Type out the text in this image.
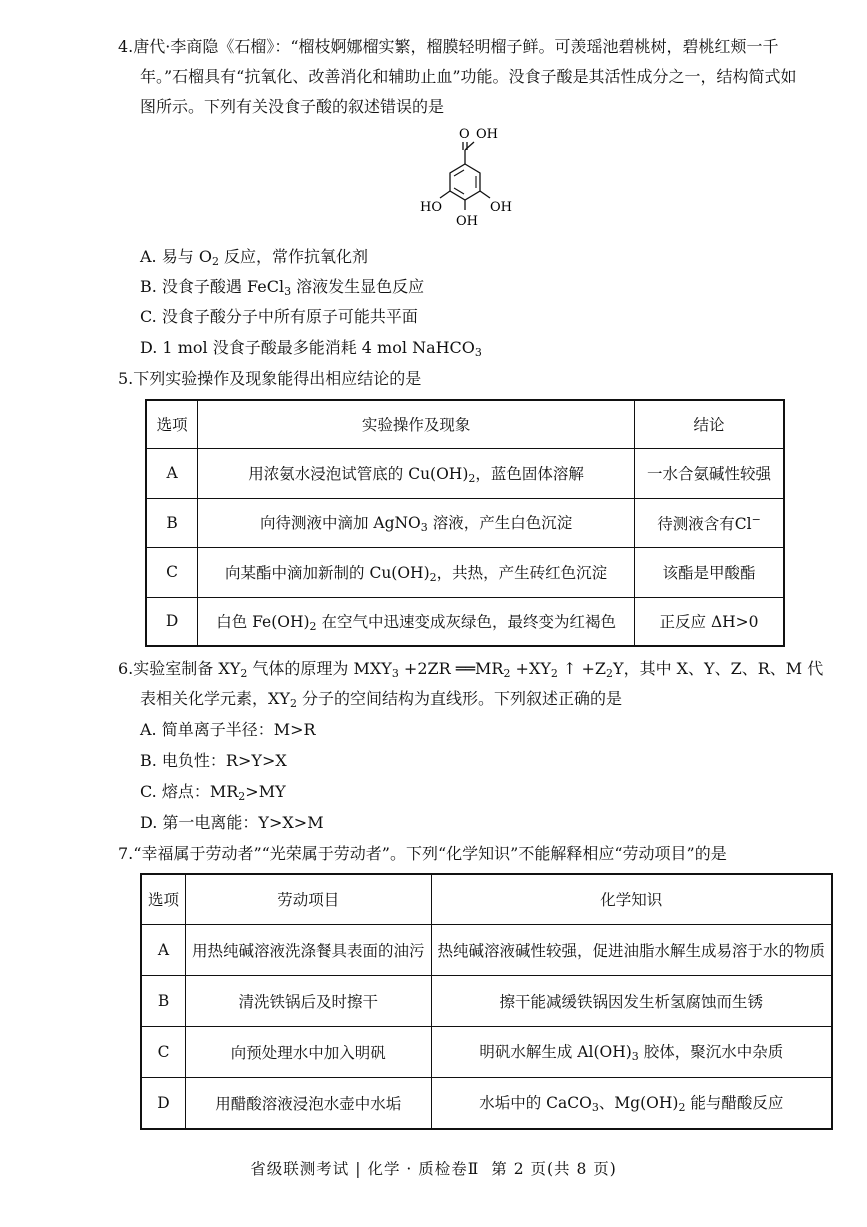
4.唐代·李商隐《石榴》：“榴枝婀娜榴实繁，榴膜轻明榴子鲜。可羡瑶池碧桃树，碧桃红颊一千
年。”石榴具有“抗氧化、改善消化和辅助止血”功能。没食子酸是其活性成分之一，结构简式如
图所示。下列有关没食子酸的叙述错误的是
O OH
HO	OH
OH
A. 易与 $O_2$ 反应，常作抗氧化剂
B. 没食子酸遇 FeCl$_3$ 溶液发生显色反应
C. 没食子酸分子中所有原子可能共平面
D. 1 mol 没食子酸最多能消耗 4 mol NaHCO$_3$
5.下列实验操作及现象能得出相应结论的是
选项	实验操作及现象	结论
A	用浓氨水浸泡试管底的 $Cu(OH)_2$，蓝色固体溶解	一水合氨碱性较强
B	向待测液中滴加 AgNO$_3$ 溶液，产生白色沉淀	待测液含有Cl−
C	向某酯中滴加新制的 $Cu(OH)_2$，共热，产生砖红色沉淀	该酯是甲酸酯
D	白色 $Fe(OH)_2$ 在空气中迅速变成灰绿色，最终变为红褐色	正反应 ΔH>0
6.实验室制备 $XY_2$ 气体的原理为 $MXY_3 +2ZR$ $══MR_2 +XY_2$ ↑ $+Z_2Y$，其中 X、Y、Z、R、M 代
表相关化学元素，$XY_2$ 分子的空间结构为直线形。下列叙述正确的是
A. 简单离子半径：M>R
B. 电负性：R>Y>X
C. 熔点：$MR_2>MY$
D. 第一电离能：Y>X>M
7.“幸福属于劳动者”“光荣属于劳动者”。下列“化学知识”不能解释相应“劳动项目”的是
选项	劳动项目	化学知识
A	用热纯碱溶液洗涤餐具表面的油污	热纯碱溶液碱性较强，促进油脂水解生成易溶于水的物质
B	清洗铁锅后及时擦干	擦干能减缓铁锅因发生析氢腐蚀而生锈
C	向预处理水中加入明矾	明矾水解生成 $Al(OH)_3$ 胶体，聚沉水中杂质
D	用醋酸溶液浸泡水壶中水垢	水垢中的 CaCO$_3$、$Mg(OH)_2$ 能与醋酸反应
省级联测考试 | 化学 · 质检卷Ⅱ 第 2 页(共 8 页)
